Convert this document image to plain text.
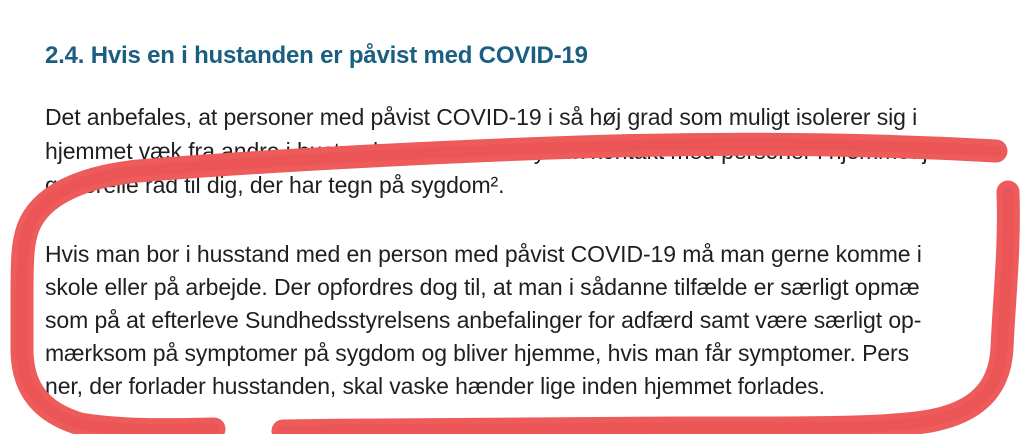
2.4. Hvis en i hustanden er påvist med COVID-19
Det anbefales, at personer med påvist COVID-19 i så høj grad som muligt isolerer sig i
hjemmet væk fra andre i hustanden og ikke har fysisk kontakt med personer i hjemmet jf
generelle råd til dig, der har tegn på sygdom².
Hvis man bor i husstand med en person med påvist COVID-19 må man gerne komme i
skole eller på arbejde. Der opfordres dog til, at man i sådanne tilfælde er særligt opmæ
som på at efterleve Sundhedsstyrelsens anbefalinger for adfærd samt være særligt op-
mærksom på symptomer på sygdom og bliver hjemme, hvis man får symptomer. Pers
ner, der forlader husstanden, skal vaske hænder lige inden hjemmet forlades.
